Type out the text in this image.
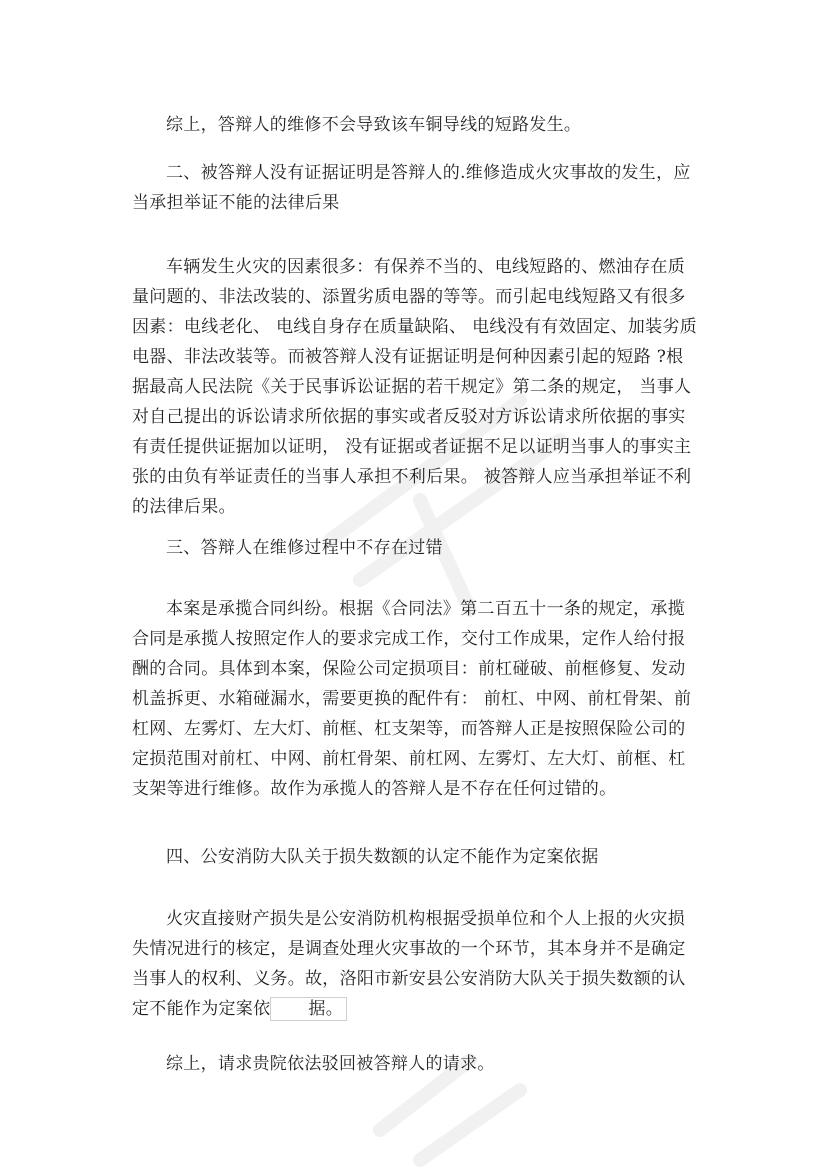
综上，答辩人的维修不会导致该车铜导线的短路发生。

二、被答辩人没有证据证明是答辩人的.维修造成火灾事故的发生，应当承担举证不能的法律后果

车辆发生火灾的因素很多：有保养不当的、电线短路的、燃油存在质量问题的、非法改装的、添置劣质电器的等等。而引起电线短路又有很多因素：电线老化、 电线自身存在质量缺陷、 电线没有有效固定、加装劣质电器、非法改装等。而被答辩人没有证据证明是何种因素引起的短路 ?根据最高人民法院《关于民事诉讼证据的若干规定》第二条的规定， 当事人对自己提出的诉讼请求所依据的事实或者反驳对方诉讼请求所依据的事实有责任提供证据加以证明， 没有证据或者证据不足以证明当事人的事实主张的由负有举证责任的当事人承担不利后果。 被答辩人应当承担举证不利的法律后果。

三、答辩人在维修过程中不存在过错

本案是承揽合同纠纷。根据《合同法》第二百五十一条的规定，承揽合同是承揽人按照定作人的要求完成工作，交付工作成果，定作人给付报酬的合同。具体到本案，保险公司定损项目：前杠碰破、前框修复、发动机盖拆更、水箱碰漏水，需要更换的配件有： 前杠、中网、前杠骨架、前杠网、左雾灯、左大灯、前框、杠支架等，而答辩人正是按照保险公司的定损范围对前杠、中网、前杠骨架、前杠网、左雾灯、左大灯、前框、杠支架等进行维修。故作为承揽人的答辩人是不存在任何过错的。

四、公安消防大队关于损失数额的认定不能作为定案依据

火灾直接财产损失是公安消防机构根据受损单位和个人上报的火灾损失情况进行的核定，是调查处理火灾事故的一个环节，其本身并不是确定当事人的权利、义务。故，洛阳市新安县公安消防大队关于损失数额的认定不能作为定案依 据。

综上，请求贵院依法驳回被答辩人的请求。
